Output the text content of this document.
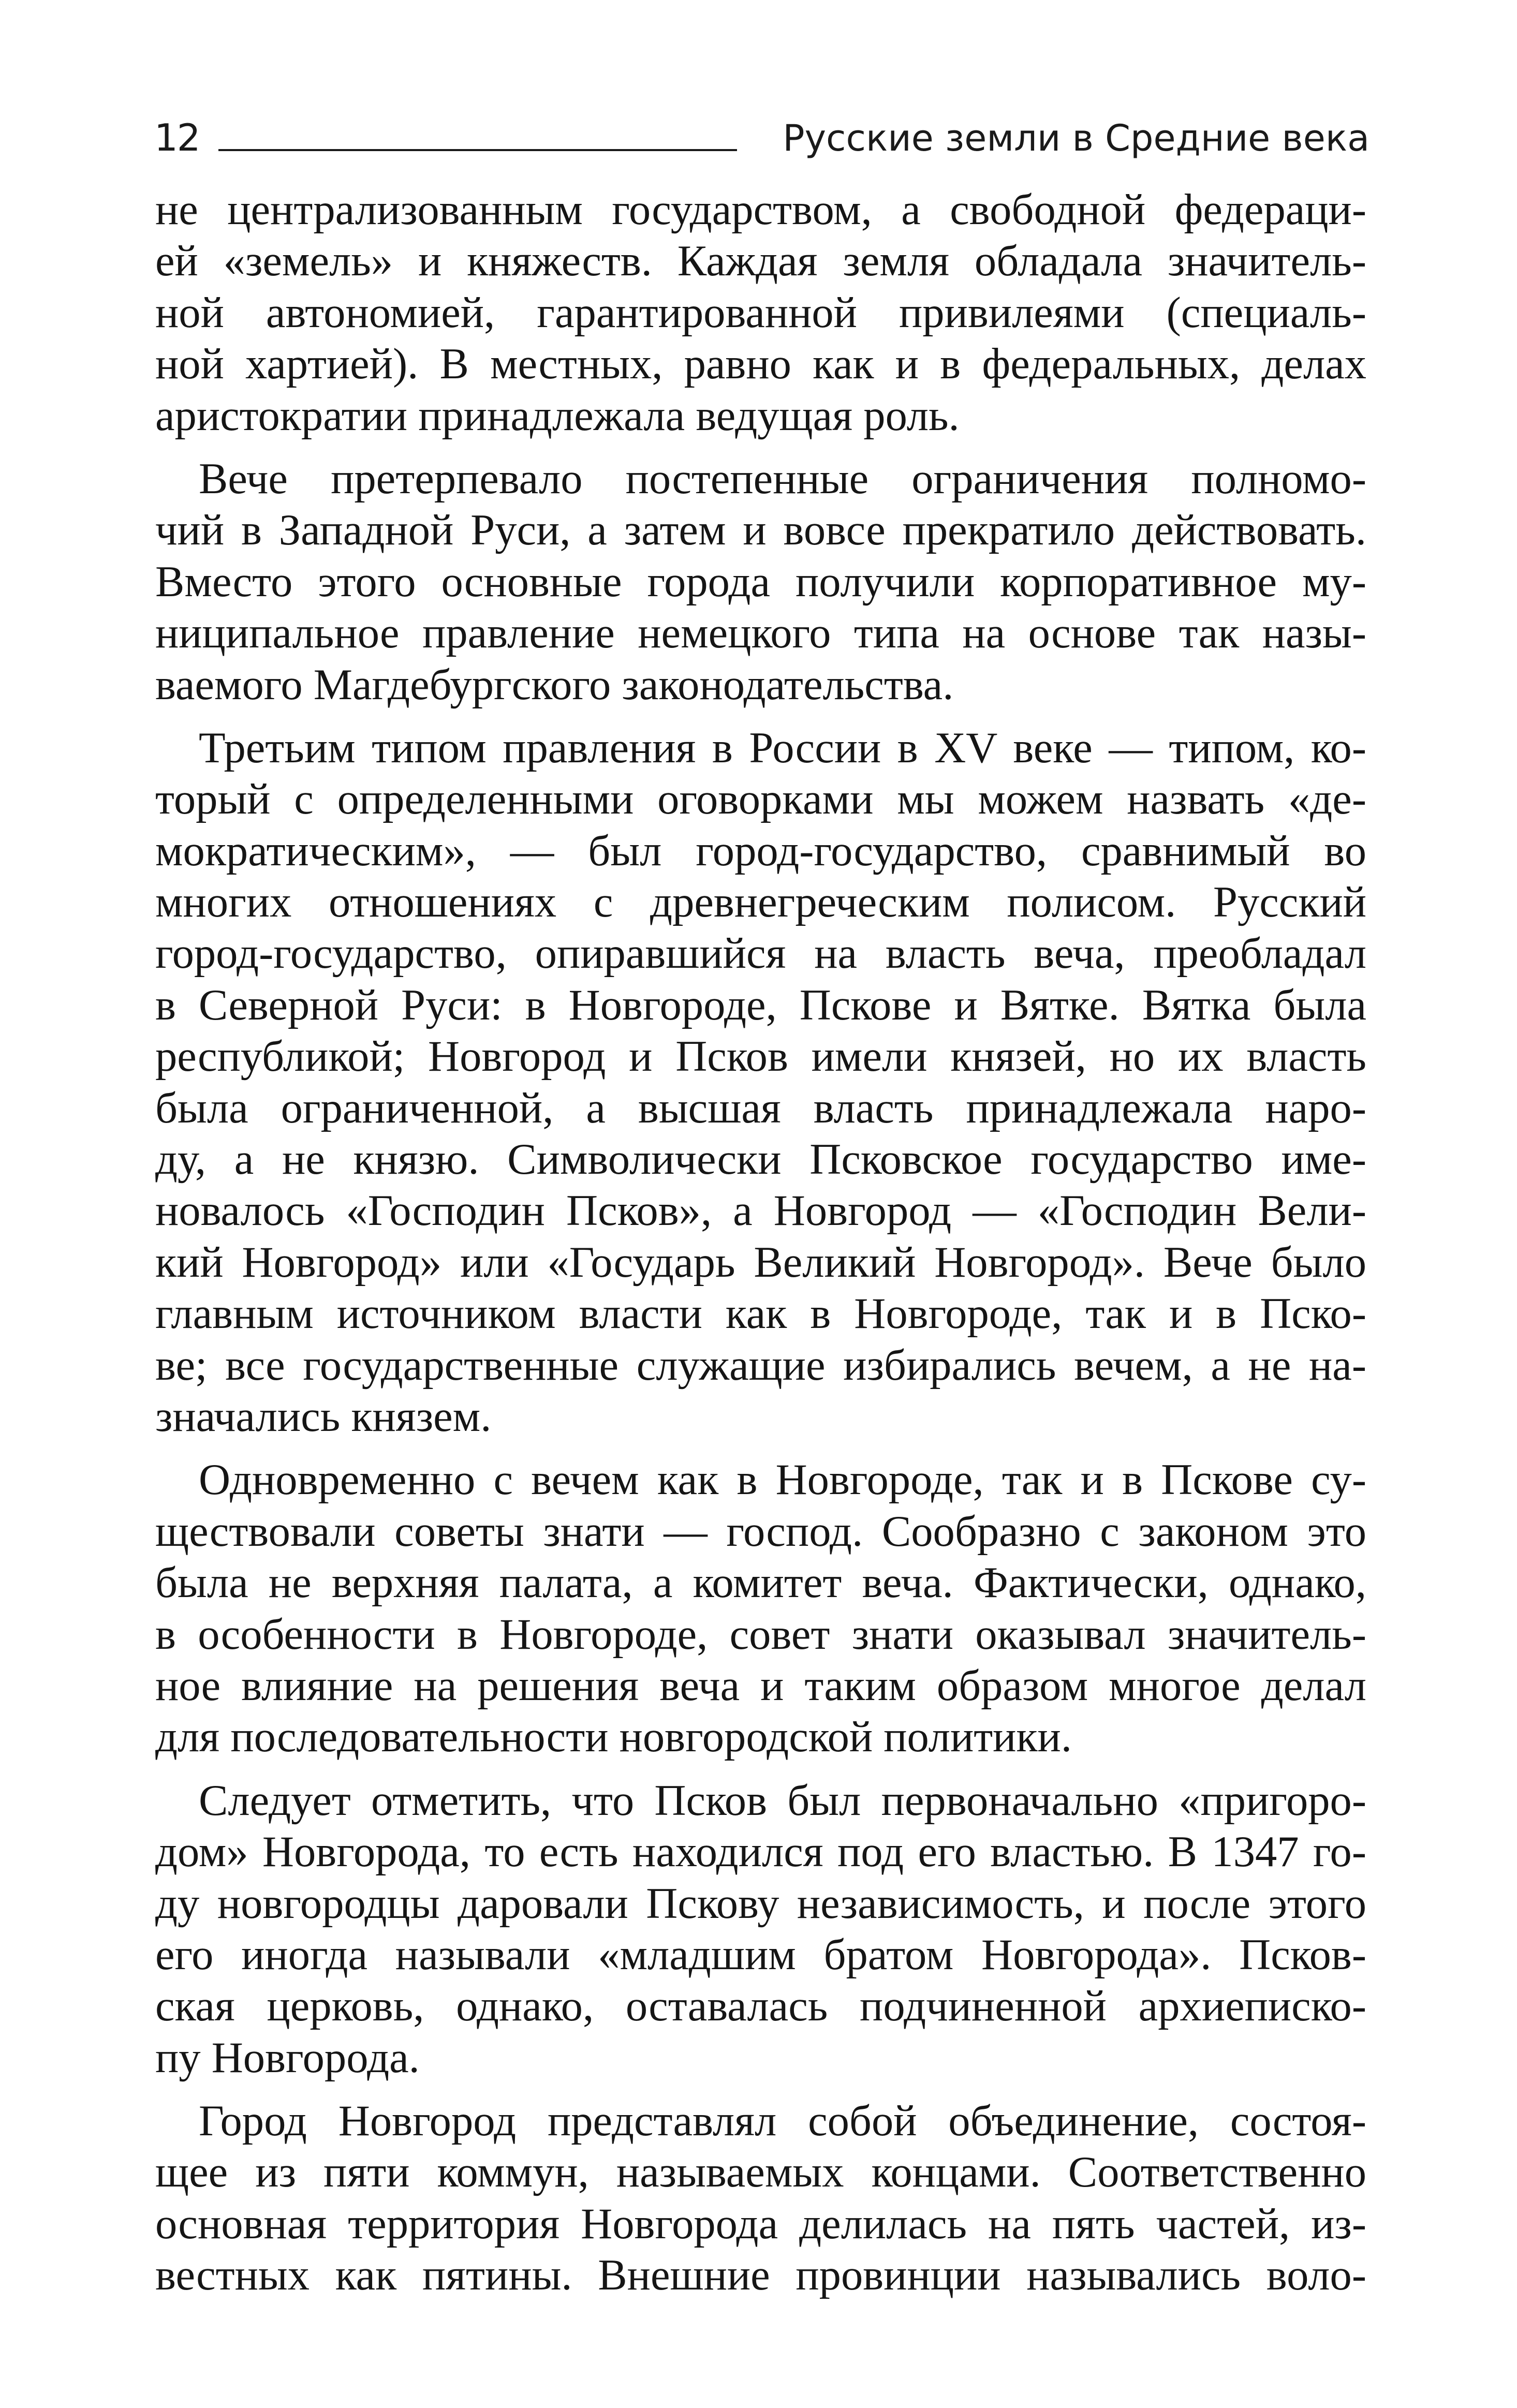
12	Русские земли в Средние века
не централизованным государством, а свободной федераци-
ей «земель» и княжеств. Каждая земля обладала значитель-
ной автономией, гарантированной привилеями (специаль-
ной хартией). В местных, равно как и в федеральных, делах
аристократии принадлежала ведущая роль.
Вече претерпевало постепенные ограничения полномо-
чий в Западной Руси, а затем и вовсе прекратило действовать.
Вместо этого основные города получили корпоративное му-
ниципальное правление немецкого типа на основе так назы-
ваемого Магдебургского законодательства.
Третьим типом правления в России в XV веке — типом, ко-
торый с определенными оговорками мы можем назвать «де-
мократическим», — был город-государство, сравнимый во
многих отношениях с древнегреческим полисом. Русский
город-государство, опиравшийся на власть веча, преобладал
в Северной Руси: в Новгороде, Пскове и Вятке. Вятка была
республикой; Новгород и Псков имели князей, но их власть
была ограниченной, а высшая власть принадлежала наро-
ду, а не князю. Символически Псковское государство име-
новалось «Господин Псков», а Новгород — «Господин Вели-
кий Новгород» или «Государь Великий Новгород». Вече было
главным источником власти как в Новгороде, так и в Пско-
ве; все государственные служащие избирались вечем, а не на-
значались князем.
Одновременно с вечем как в Новгороде, так и в Пскове су-
ществовали советы знати — господ. Сообразно с законом это
была не верхняя палата, а комитет веча. Фактически, однако,
в особенности в Новгороде, совет знати оказывал значитель-
ное влияние на решения веча и таким образом многое делал
для последовательности новгородской политики.
Следует отметить, что Псков был первоначально «пригоро-
дом» Новгорода, то есть находился под его властью. В 1347 го-
ду новгородцы даровали Пскову независимость, и после этого
его иногда называли «младшим братом Новгорода». Псков-
ская церковь, однако, оставалась подчиненной архиеписко-
пу Новгорода.
Город Новгород представлял собой объединение, состоя-
щее из пяти коммун, называемых концами. Соответственно
основная территория Новгорода делилась на пять частей, из-
вестных как пятины. Внешние провинции назывались воло-
